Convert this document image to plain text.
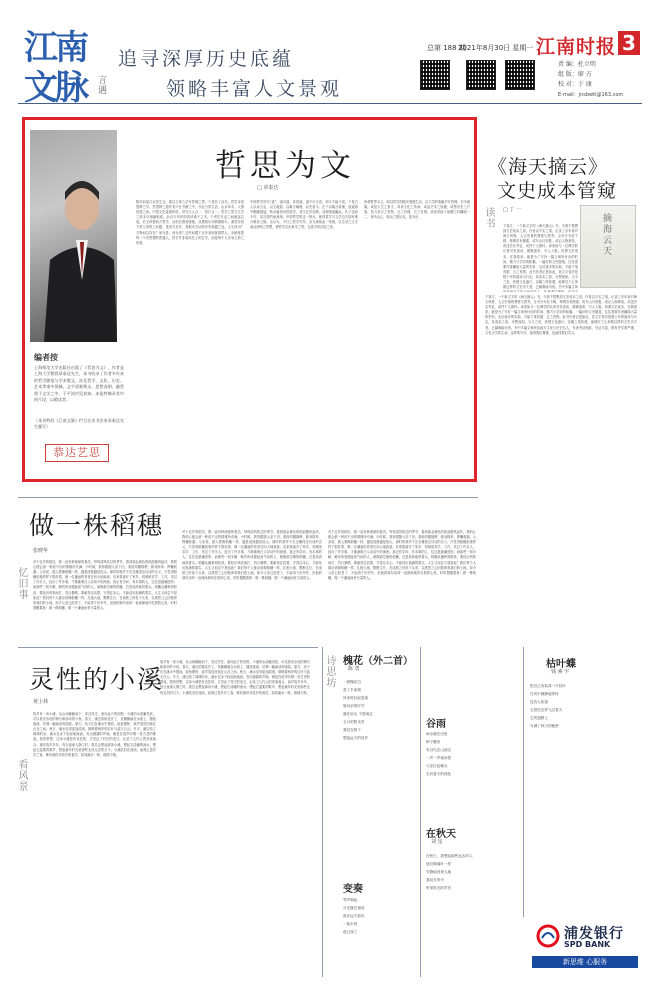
江南
文脉 言遇
追寻深厚历史底蕴
领略丰富人文景观
总第 188 期
2021年8月30日 星期一 江南时报 3
责 编：杜立明
组 版：廖 方
校 对：于 康
E-mail：jnsbwtl@163.com
哲思为文
□ 章泰达
编者按
上海师范大学出版社出版了《哲思为文》，作者是上海大学教授章泰达先生，本书收录了作者多年来的哲学随笔与学术散文，涉及哲学、文化、历史、艺术等诸多领域。文字清新隽永，思想深刻，融哲理于文学之中，于平淡中见真知。本报特摘录其中的片段，以飨读者。
（本刊特约《江南文脉》栏目名由书法家章泰达先生题写）
恭达艺思
数年前某日余忽生念，欲以文章之法写哲理之思，于是有了此书。哲学本是思辨之学，然思辨之道并非只在书斋之中，亦在日常生活、山水草木、人情世故之间。中国文化素重体悟，讲究天人合一、知行合一，哲学之思与文学之美本可相融相成。余自少年时即喜读诸子之书，于老庄孔孟之间流连忘返，后又涉猎西方哲学，从柏拉图到康德，从黑格尔到海德格尔，渐觉东西方哲人所思之问题，虽形式各异，其根本关切却多有相通之处。人生何为？万物何以存在？何为善，何为美？这些问题千百年来困扰着哲人，亦困扰着每一个有思想的普通人。哲学并非高高在上的玄学，而是每个人安身立命之所需。
中国哲学讲究“道”，道可道，非常道。道不可言说，却又不能不说。于是古人以诗言志，以文载道，以寓言喻理，以史鉴今。庄子以寓言说理，逍遥游中鲲鹏展翅，秋水篇里河伯望洋，其文汪洋恣肆，其理深邃幽远。孔子述而不作，其言简约而意深。中国哲学的这一特点，使得哲学与文学自古即有难分难舍之缘。余以为，今日之哲学写作，亦当承续此一传统，以生动之文字表达深刻之思想，使哲学走出象牙之塔，走进寻常百姓之家。
所谓哲思为文，即以哲学的眼光观照生活，以文学的笔触书写哲理。书中诸篇，或论人生之意义，或谈文化之传承，或品艺术之妙趣，或思历史之兴衰，皆力求言之有物，言之有理，言之有情。读者若能于闲暇之时翻阅一二，有所会心，则余之愿足矣。是为序。
《海天摘云》
文史成本管窥
读书
□ 丁 一
摘海云天
下笔方，一个新文字的《海天摘云》书，令我不禁想到文史成本之说。作者以平实之笔，记录了多年来对海天风物、人文史事的观察与思考。全书分为若干辑，每辑各有侧重，或写山川形胜，或记人物掌故，或述史实考证，或抒个人情怀。读来如与一位博学的长者对坐清谈，娓娓道来，引人入胜。所谓文史成本，在我看来，就是为了写好一篇文章所付出的时间、精力与学识的积累。一篇好的文史随笔，往往需要作者翻阅大量的史料，走访诸多的实地，方能下笔有据、言之有物。此书作者正是如此，其文字背后是数十年的阅读与行走，其成本之高，可想而知。当今之世，快餐文化盛行，浮躁之风弥漫，能够沉下心来做这样的文史功夫者，已属难能可贵。书中多篇文章
下笔方，一个新文字的《海天摘云》书，令我不禁想到文史成本之说。作者以平实之笔，记录了多年来对海天风物、人文史事的观察与思考。全书分为若干辑，每辑各有侧重，或写山川形胜，或记人物掌故，或述史实考证，或抒个人情怀。读来如与一位博学的长者对坐清谈，娓娓道来，引人入胜。所谓文史成本，在我看来，就是为了写好一篇文章所付出的时间、精力与学识的积累。一篇好的文史随笔，往往需要作者翻阅大量的史料，走访诸多的实地，方能下笔有据、言之有物。此书作者正是如此，其文字背后是数十年的阅读与行走，其成本之高，可想而知。当今之世，快餐文化盛行，浮躁之风弥漫，能够沉下心来做这样的文史功夫者，已属难能可贵。书中多篇文章涉及地方文化与历史名人，作者考证细致，引证丰富，既有史学的严谨，又有文学的生动。这样的写作，值得我们尊重，也值得我们学习。
做一株稻穗
张晓华
忆旧事
对于农乡的稻田，我一直有种深深的眷恋。每每清风吹过的季节，看到那金黄色的稻浪随风起伏，我的心便会被一种说不出的情愫所充满。小时候，我常跟随父亲下田，看他弯腰插秧、俯身除草、挥镰收割。父亲说，做人要像稻穗一样，越是成熟越是低头。那时的我并不完全懂得这句话的含义，只觉得稻穗低垂的样子很好看，像一位谦逊的老者在向大地致意。后来我离开了家乡，到城里求学、工作，见过了许多人，经历了许多事，才渐渐明白父亲话中的深意。真正有学问、有本事的人，往往是最谦虚的；而那些一知半解、略有所成便趾高气扬的人，就像那空瘪的稻穗，总是高高地昂着头。稻穗从播种到收获，要经历风吹雨打、烈日暴晒，要耐得住寂寞，守得住本心，才能结出饱满的果实。人生又何尝不是如此？我们每个人都应该像稻穗一样，扎根大地，默默生长，在成熟之时低下头来，以感恩之心回报养育我们的土地。如今父亲已经老了，不能再下田劳作，但他的那句话却一直深深地印在我的心里，时时提醒着我：做一株稻穗，做一个谦逊而有分量的人。
对于农乡的稻田，我一直有种深深的眷恋。每每清风吹过的季节，看到那金黄色的稻浪随风起伏，我的心便会被一种说不出的情愫所充满。小时候，我常跟随父亲下田，看他弯腰插秧、俯身除草、挥镰收割。父亲说，做人要像稻穗一样，越是成熟越是低头。那时的我并不完全懂得这句话的含义，只觉得稻穗低垂的样子很好看，像一位谦逊的老者在向大地致意。后来我离开了家乡，到城里求学、工作，见过了许多人，经历了许多事，才渐渐明白父亲话中的深意。真正有学问、有本事的人，往往是最谦虚的；而那些一知半解、略有所成便趾高气扬的人，就像那空瘪的稻穗，总是高高地昂着头。稻穗从播种到收获，要经历风吹雨打、烈日暴晒，要耐得住寂寞，守得住本心，才能结出饱满的果实。人生又何尝不是如此？我们每个人都应该像稻穗一样，扎根大地，默默生长，在成熟之时低下头来，以感恩之心回报养育我们的土地。如今父亲已经老了，不能再下田劳作，但他的那句话却一直深深地印在我的心里，时时提醒着我：做一株稻穗，做一个谦逊而有分量的人。
对于农乡的稻田，我一直有种深深的眷恋。每每清风吹过的季节，看到那金黄色的稻浪随风起伏，我的心便会被一种说不出的情愫所充满。小时候，我常跟随父亲下田，看他弯腰插秧、俯身除草、挥镰收割。父亲说，做人要像稻穗一样，越是成熟越是低头。那时的我并不完全懂得这句话的含义，只觉得稻穗低垂的样子很好看，像一位谦逊的老者在向大地致意。后来我离开了家乡，到城里求学、工作，见过了许多人，经历了许多事，才渐渐明白父亲话中的深意。真正有学问、有本事的人，往往是最谦虚的；而那些一知半解、略有所成便趾高气扬的人，就像那空瘪的稻穗，总是高高地昂着头。稻穗从播种到收获，要经历风吹雨打、烈日暴晒，要耐得住寂寞，守得住本心，才能结出饱满的果实。人生又何尝不是如此？我们每个人都应该像稻穗一样，扎根大地，默默生长，在成熟之时低下头来，以感恩之心回报养育我们的土地。如今父亲已经老了，不能再下田劳作，但他的那句话却一直深深地印在我的心里，时时提醒着我：做一株稻穗，做一个谦逊而有分量的人。
灵性的小溪
黄士林
看风景
故乡有一条小溪，从山间蜿蜒而下，穿过村庄，流向远方的田野。小溪的水清澈见底，可以看见水底的卵石和游动的小鱼。春天，溪边的桃花开了，花瓣飘落在水面上，随波逐流，仿佛一幅流动的画卷。夏天，孩子们在溪水中嬉戏，捉鱼摸虾，欢声笑语回荡在山谷之间。秋天，溪水变得更加清冽，倒映着两岸的红叶与蓝天白云。冬天，溪边结了薄薄的冰，溪水在冰下轻轻地流淌，发出潺潺的声响，像是在低声吟唱一首古老的歌谣。我常常想，这条小溪是有灵性的，它见证了村庄的变迁，记录了几代人的悲欢离合。离开故乡多年，每当夜深人静之时，我总会想起那条小溪，想起它清澈的流水，想起它温柔的歌声，想起童年时光里那些无忧无虑的日子。小溪依旧在流淌，而我已是异乡之客，唯有那份对故乡的眷恋，如同溪水一般，绵绵不绝。
故乡有一条小溪，从山间蜿蜒而下，穿过村庄，流向远方的田野。小溪的水清澈见底，可以看见水底的卵石和游动的小鱼。春天，溪边的桃花开了，花瓣飘落在水面上，随波逐流，仿佛一幅流动的画卷。夏天，孩子们在溪水中嬉戏，捉鱼摸虾，欢声笑语回荡在山谷之间。秋天，溪水变得更加清冽，倒映着两岸的红叶与蓝天白云。冬天，溪边结了薄薄的冰，溪水在冰下轻轻地流淌，发出潺潺的声响，像是在低声吟唱一首古老的歌谣。我常常想，这条小溪是有灵性的，它见证了村庄的变迁，记录了几代人的悲欢离合。离开故乡多年，每当夜深人静之时，我总会想起那条小溪，想起它清澈的流水，想起它温柔的歌声，想起童年时光里那些无忧无虑的日子。小溪依旧在流淌，而我已是异乡之客，唯有那份对故乡的眷恋，如同溪水一般，绵绵不绝。
诗思坊
槐花（外二首）
陈 勇
一树槐花白
香了半条街
风来时轻轻摇曳
像母亲的叮咛
落在肩头 不愿离去
五月的阳光里
我站在树下
想起远方的故乡
变奏
琴声响起
月光落在窗前
谁在远方低吟
一曲未终
夜已深了
谷雨
雨水落在田里
种子醒来
布谷鸟在山那边
一声一声地叫着
父亲扛起锄头
走向春天的深处
在秋天
刘 星
在秋天，我想起那些远去的人
他们像落叶一样
安静地回到大地
我站在风中
听见时光的声音
枯叶蝶
钱 素 宇
把自己伪装成一片枯叶
在风中静静地等待
没有人知道
它曾经怎样飞过春天
它的翅膀上
写满了秋天的秘密
浦发银行
SPD BANK
新思维 心服务
